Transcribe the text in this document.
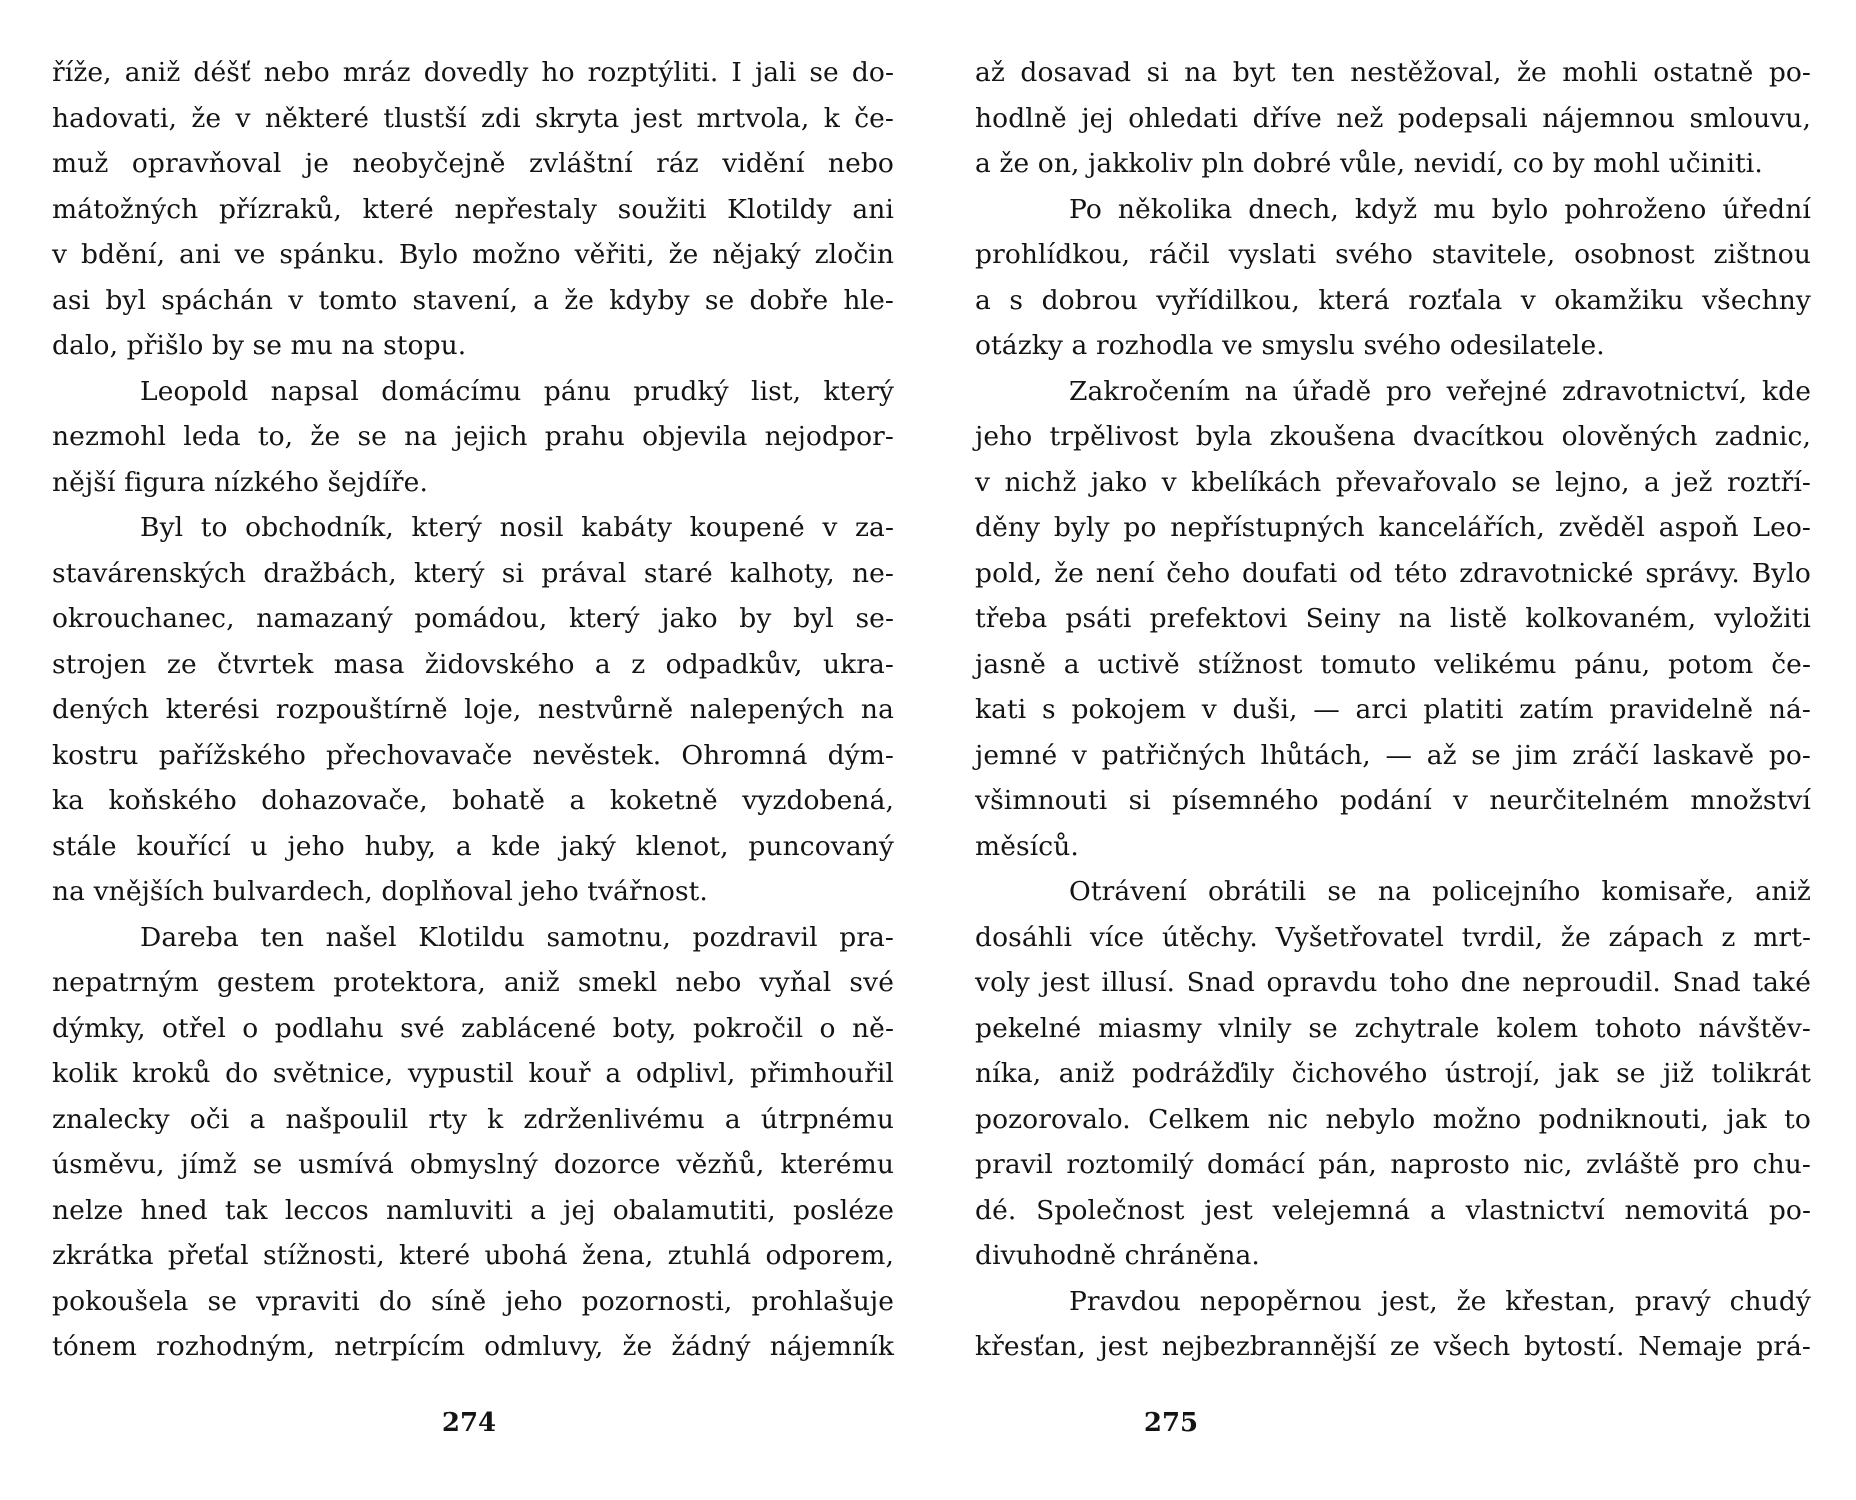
říže, aniž déšť nebo mráz dovedly ho rozptýliti. I jali se do-
hadovati, že v některé tlustší zdi skryta jest mrtvola, k če-
muž opravňoval je neobyčejně zvláštní ráz vidění nebo
mátožných přízraků, které nepřestaly soužiti Klotildy ani
v bdění, ani ve spánku. Bylo možno věřiti, že nějaký zločin
asi byl spáchán v tomto stavení, a že kdyby se dobře hle-
dalo, přišlo by se mu na stopu.
Leopold napsal domácímu pánu prudký list, který
nezmohl leda to, že se na jejich prahu objevila nejodpor-
nější figura nízkého šejdíře.
Byl to obchodník, který nosil kabáty koupené v za-
stavárenských dražbách, který si prával staré kalhoty, ne-
okrouchanec, namazaný pomádou, který jako by byl se-
strojen ze čtvrtek masa židovského a z odpadkův, ukra-
dených kterési rozpouštírně loje, nestvůrně nalepených na
kostru pařížského přechovavače nevěstek. Ohromná dým-
ka koňského dohazovače, bohatě a koketně vyzdobená,
stále kouřící u jeho huby, a kde jaký klenot, puncovaný
na vnějších bulvardech, doplňoval jeho tvářnost.
Dareba ten našel Klotildu samotnu, pozdravil pra-
nepatrným gestem protektora, aniž smekl nebo vyňal své
dýmky, otřel o podlahu své zablácené boty, pokročil o ně-
kolik kroků do světnice, vypustil kouř a odplivl, přimhouřil
znalecky oči a našpoulil rty k zdrženlivému a útrpnému
úsměvu, jímž se usmívá obmyslný dozorce vězňů, kterému
nelze hned tak leccos namluviti a jej obalamutiti, posléze
zkrátka přeťal stížnosti, které ubohá žena, ztuhlá odporem,
pokoušela se vpraviti do síně jeho pozornosti, prohlašuje
tónem rozhodným, netrpícím odmluvy, že žádný nájemník
274
až dosavad si na byt ten nestěžoval, že mohli ostatně po-
hodlně jej ohledati dříve než podepsali nájemnou smlouvu,
a že on, jakkoliv pln dobré vůle, nevidí, co by mohl učiniti.
Po několika dnech, když mu bylo pohroženo úřední
prohlídkou, ráčil vyslati svého stavitele, osobnost zištnou
a s dobrou vyřídilkou, která rozťala v okamžiku všechny
otázky a rozhodla ve smyslu svého odesilatele.
Zakročením na úřadě pro veřejné zdravotnictví, kde
jeho trpělivost byla zkoušena dvacítkou olověných zadnic,
v nichž jako v kbelíkách převařovalo se lejno, a jež roztří-
děny byly po nepřístupných kancelářích, zvěděl aspoň Leo-
pold, že není čeho doufati od této zdravotnické správy. Bylo
třeba psáti prefektovi Seiny na listě kolkovaném, vyložiti
jasně a uctivě stížnost tomuto velikému pánu, potom če-
kati s pokojem v duši, — arci platiti zatím pravidelně ná-
jemné v patřičných lhůtách, — až se jim zráčí laskavě po-
všimnouti si písemného podání v neurčitelném množství
měsíců.
Otrávení obrátili se na policejního komisaře, aniž
dosáhli více útěchy. Vyšetřovatel tvrdil, že zápach z mrt-
voly jest illusí. Snad opravdu toho dne neproudil. Snad také
pekelné miasmy vlnily se zchytrale kolem tohoto návštěv-
níka, aniž podrážďily čichového ústrojí, jak se již tolikrát
pozorovalo. Celkem nic nebylo možno podniknouti, jak to
pravil roztomilý domácí pán, naprosto nic, zvláště pro chu-
dé. Společnost jest velejemná a vlastnictví nemovitá po-
divuhodně chráněna.
Pravdou nepopěrnou jest, že křestan, pravý chudý
křesťan, jest nejbezbrannější ze všech bytostí. Nemaje prá-
275
